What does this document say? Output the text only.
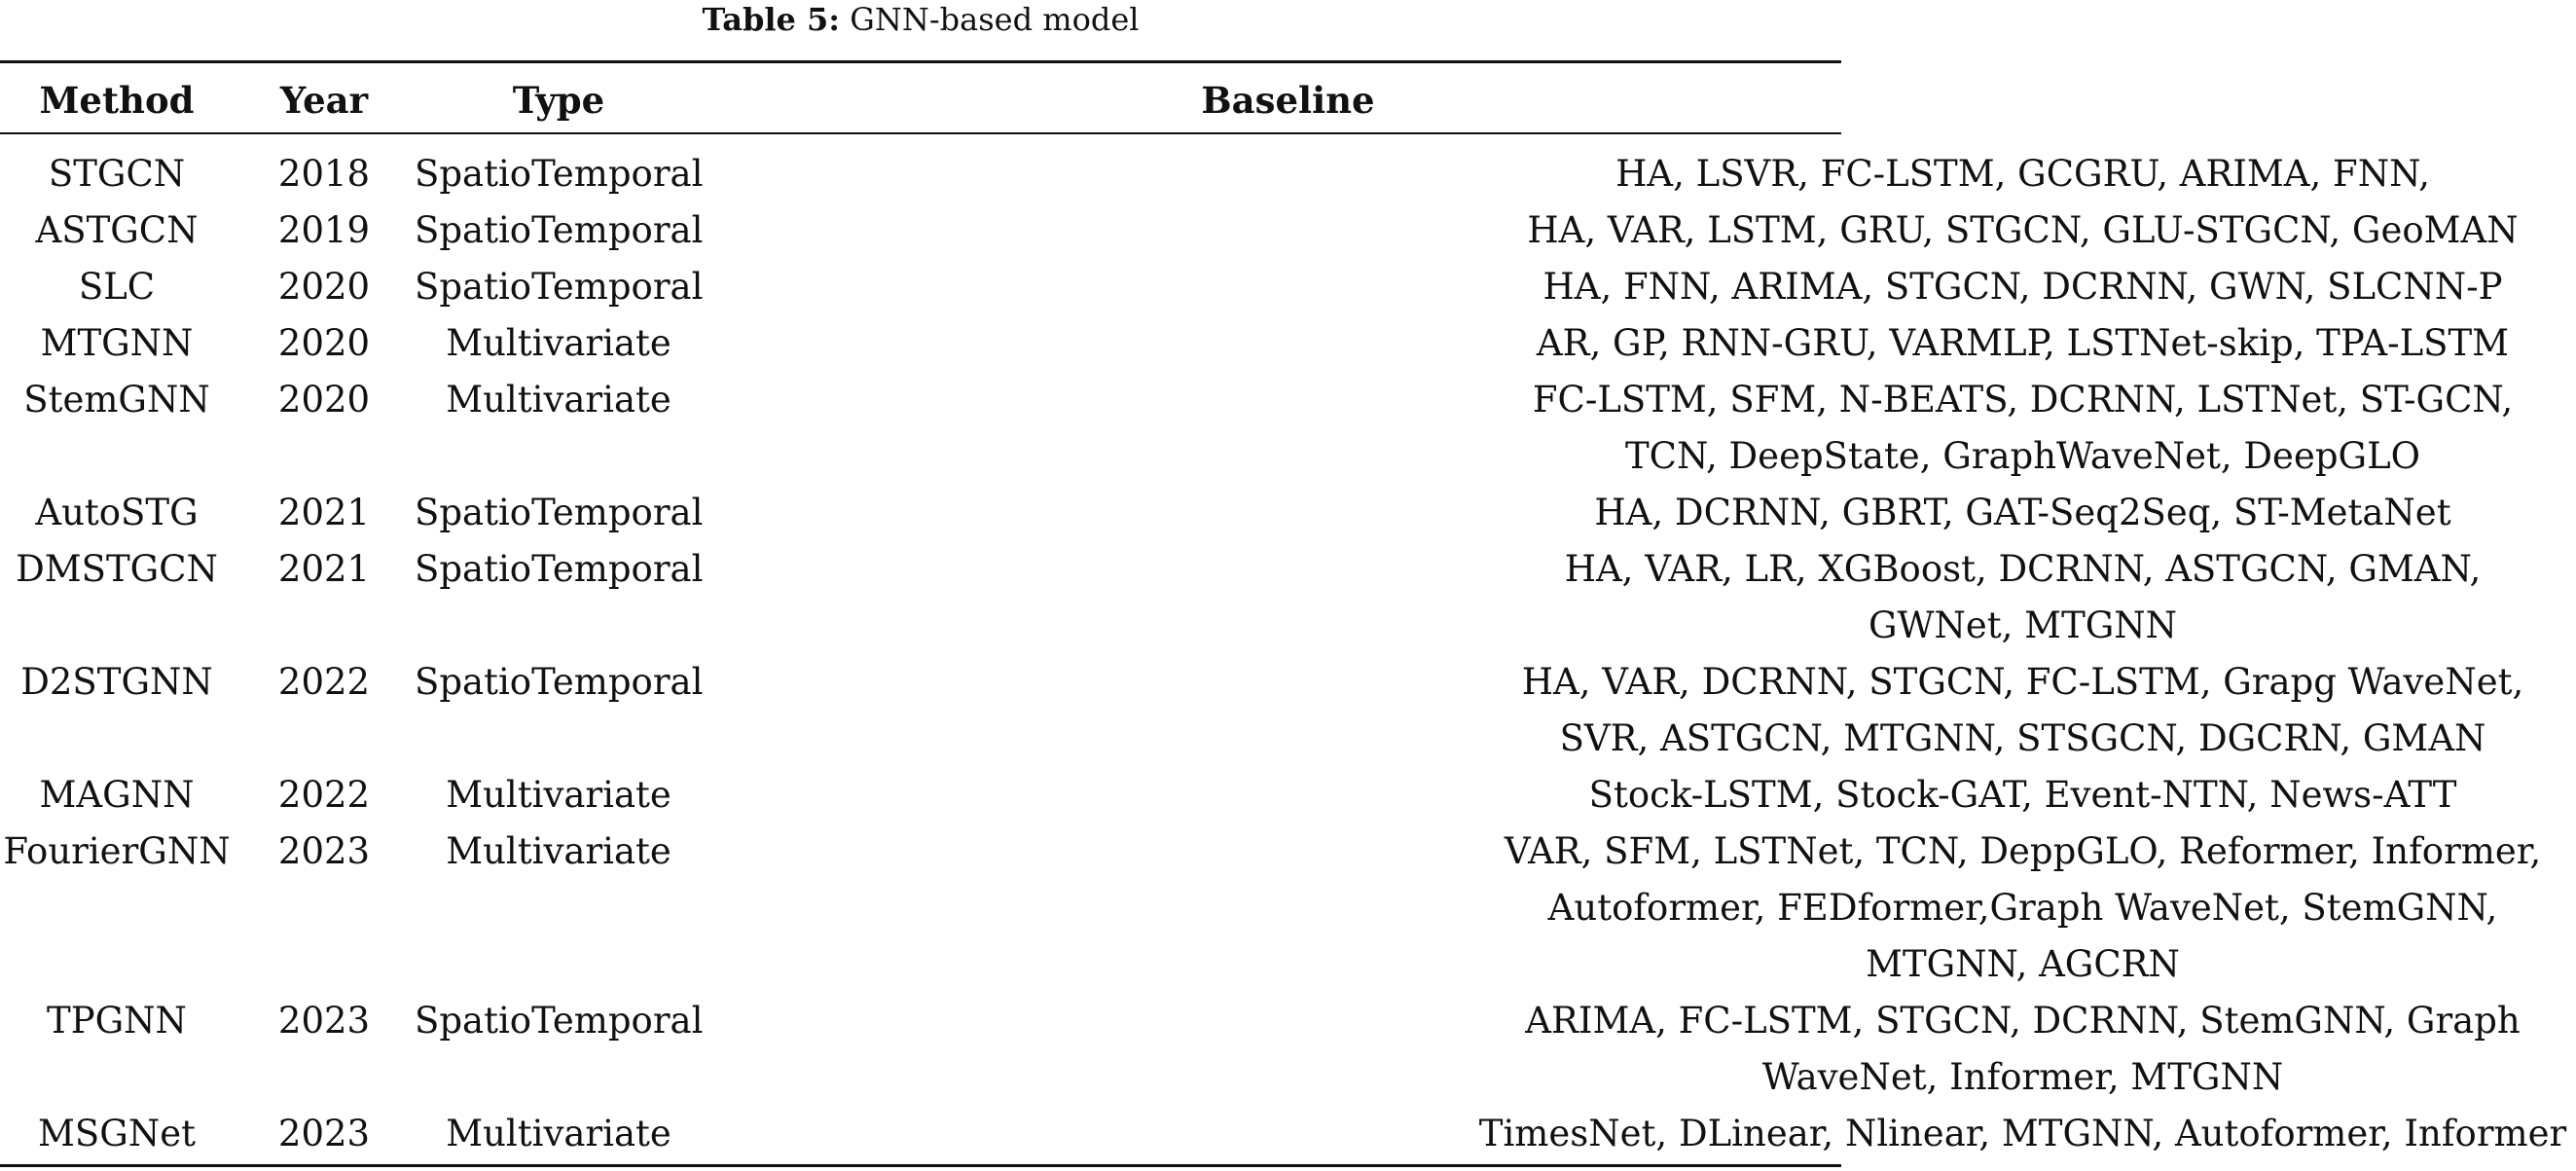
Table 5: GNN-based model
Method	Year	Type	Baseline
STGCN	2018	SpatioTemporal	HA, LSVR, FC-LSTM, GCGRU, ARIMA, FNN,
ASTGCN	2019	SpatioTemporal	HA, VAR, LSTM, GRU, STGCN, GLU-STGCN, GeoMAN
SLC	2020	SpatioTemporal	HA, FNN, ARIMA, STGCN, DCRNN, GWN, SLCNN-P
MTGNN	2020	Multivariate	AR, GP, RNN-GRU, VARMLP, LSTNet-skip, TPA-LSTM
StemGNN	2020	Multivariate	FC-LSTM, SFM, N-BEATS, DCRNN, LSTNet, ST-GCN,
TCN, DeepState, GraphWaveNet, DeepGLO
AutoSTG	2021	SpatioTemporal	HA, DCRNN, GBRT, GAT-Seq2Seq, ST-MetaNet
DMSTGCN	2021	SpatioTemporal	HA, VAR, LR, XGBoost, DCRNN, ASTGCN, GMAN,
GWNet, MTGNN
D2STGNN	2022	SpatioTemporal	HA, VAR, DCRNN, STGCN, FC-LSTM, Grapg WaveNet,
SVR, ASTGCN, MTGNN, STSGCN, DGCRN, GMAN
MAGNN	2022	Multivariate	Stock-LSTM, Stock-GAT, Event-NTN, News-ATT
FourierGNN	2023	Multivariate	VAR, SFM, LSTNet, TCN, DeppGLO, Reformer, Informer,
Autoformer, FEDformer,Graph WaveNet, StemGNN,
MTGNN, AGCRN
TPGNN	2023	SpatioTemporal	ARIMA, FC-LSTM, STGCN, DCRNN, StemGNN, Graph
WaveNet, Informer, MTGNN
MSGNet	2023	Multivariate	TimesNet, DLinear, Nlinear, MTGNN, Autoformer, Informer
